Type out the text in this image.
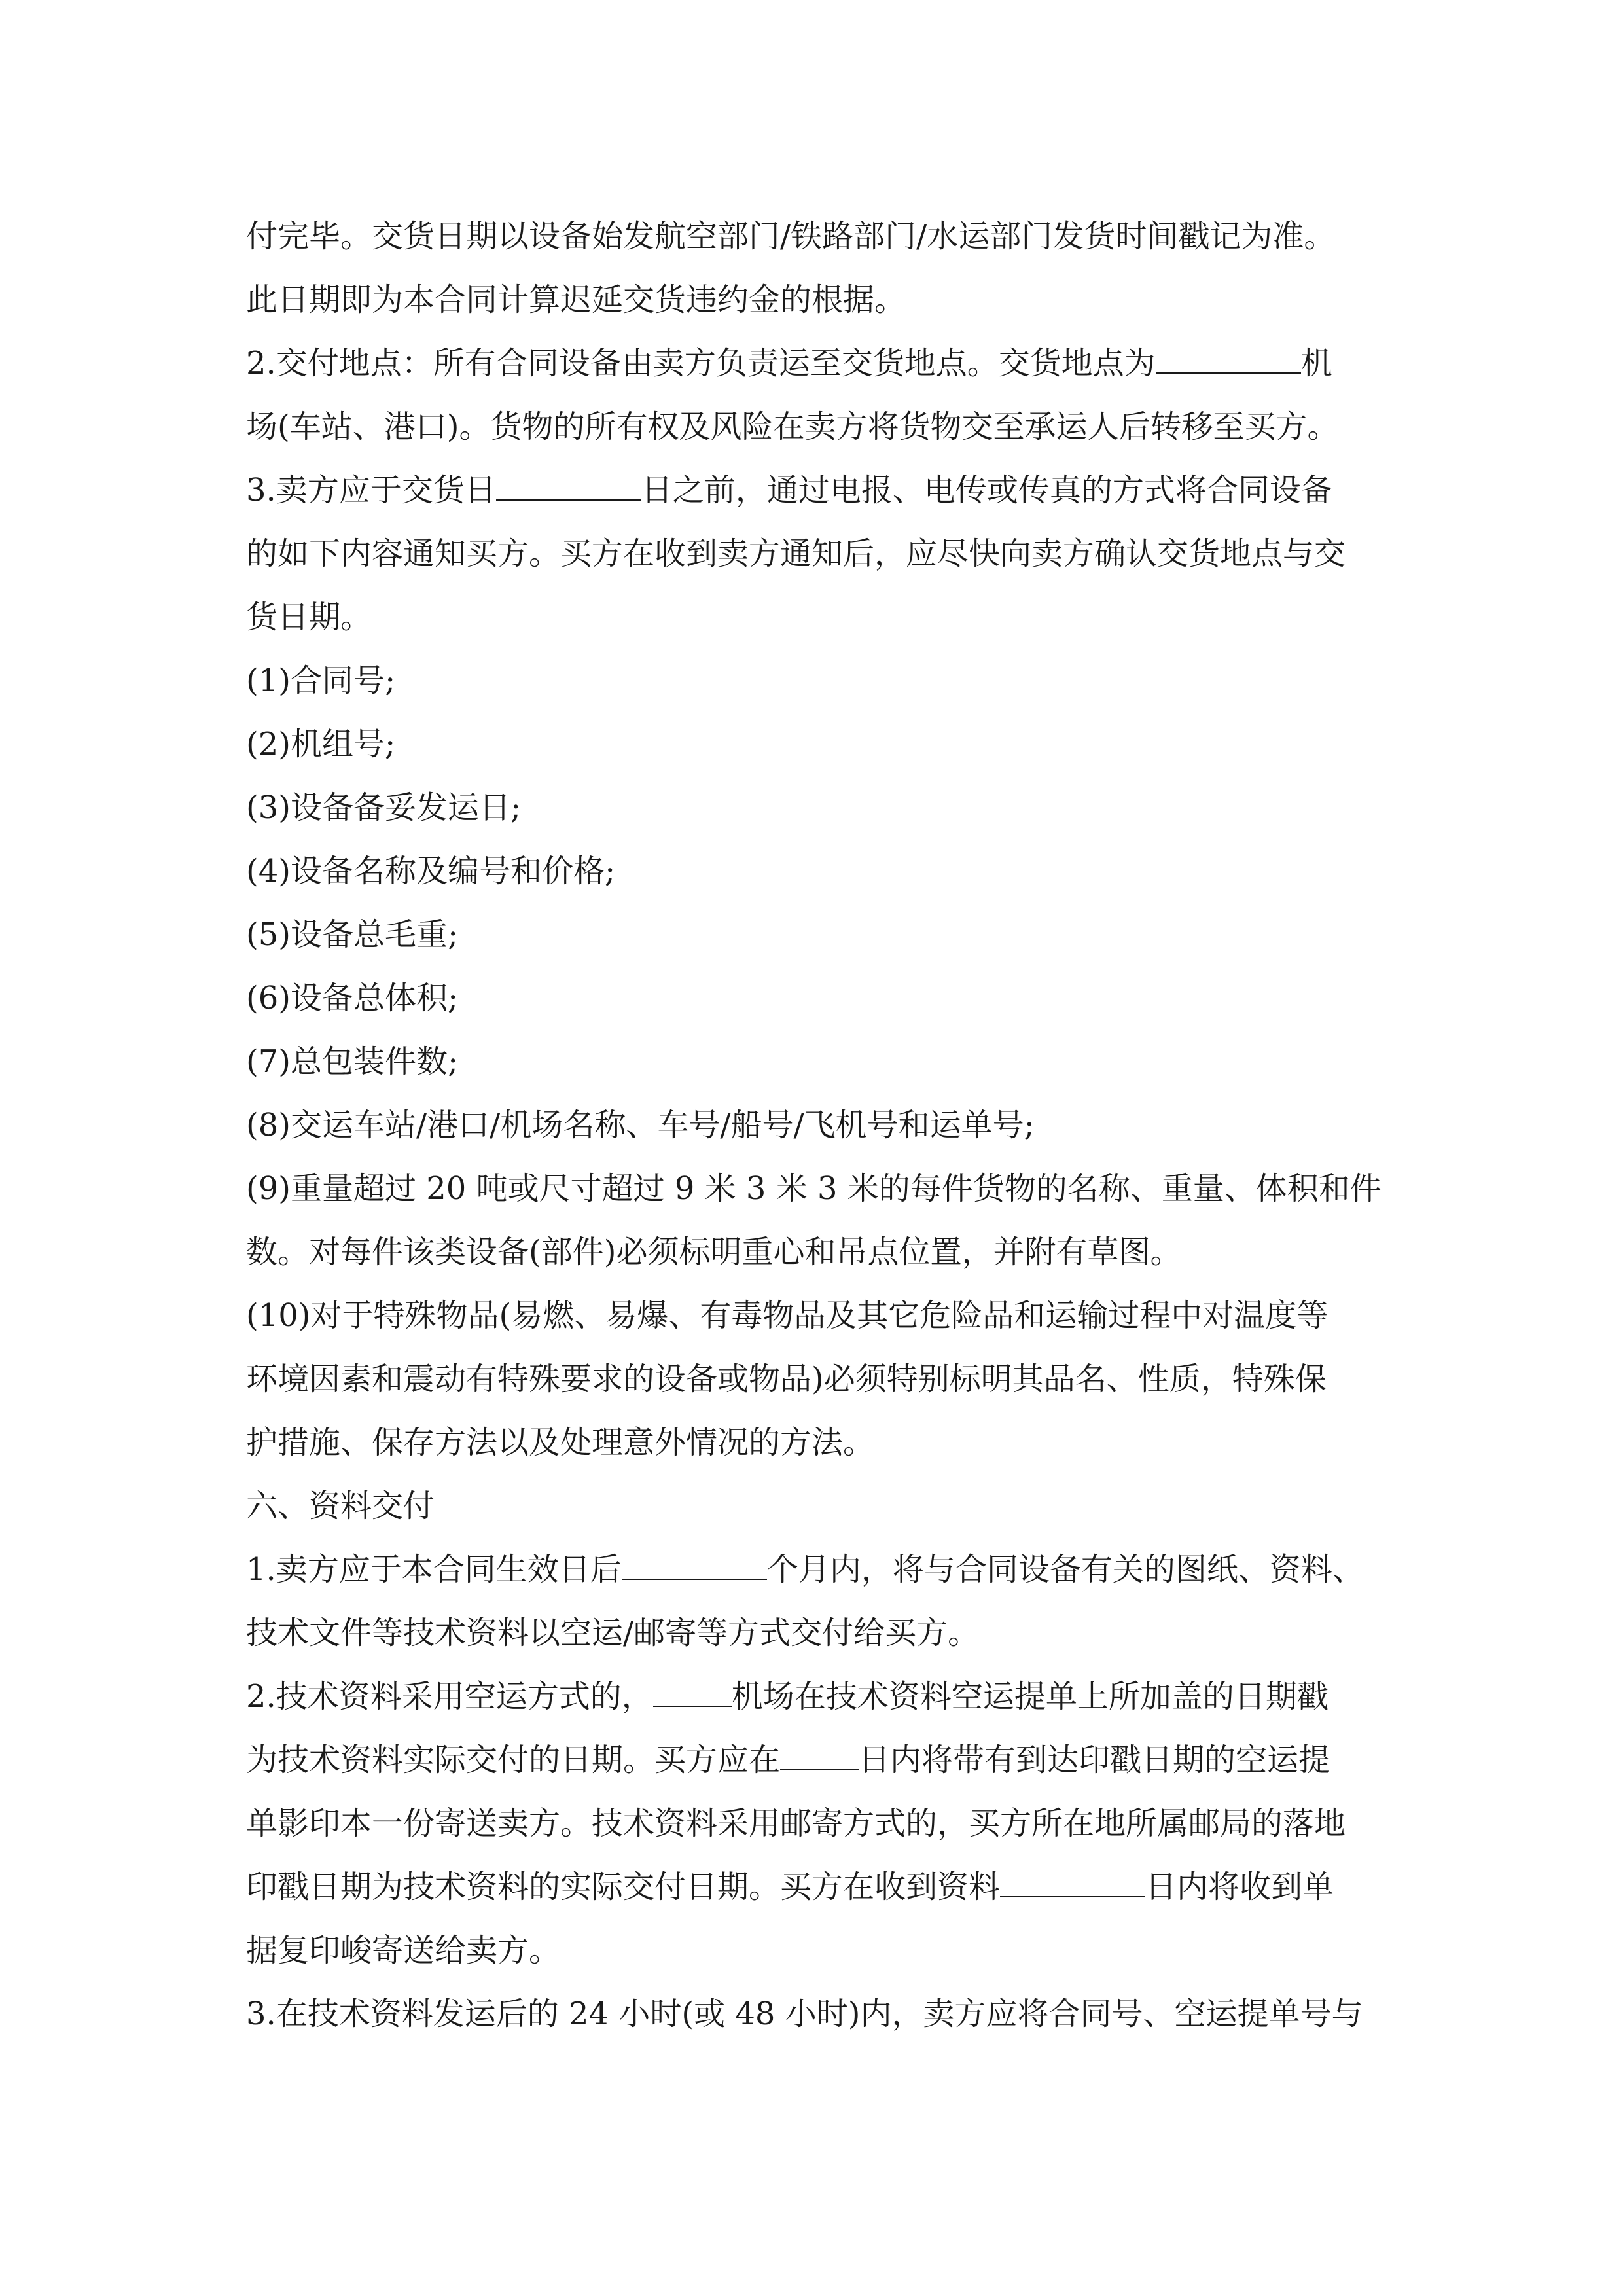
付完毕。交货日期以设备始发航空部门/铁路部门/水运部门发货时间戳记为准。
此日期即为本合同计算迟延交货违约金的根据。
2.交付地点：所有合同设备由卖方负责运至交货地点。交货地点为	机
场(车站、港口)。货物的所有权及风险在卖方将货物交至承运人后转移至买方。
3.卖方应于交货日	日之前，通过电报、电传或传真的方式将合同设备
的如下内容通知买方。买方在收到卖方通知后，应尽快向卖方确认交货地点与交
货日期。
(1)合同号;
(2)机组号;
(3)设备备妥发运日;
(4)设备名称及编号和价格;
(5)设备总毛重;
(6)设备总体积;
(7)总包装件数;
(8)交运车站/港口/机场名称、车号/船号/飞机号和运单号;
(9)重量超过 20 吨或尺寸超过 9 米 3 米 3 米的每件货物的名称、重量、体积和件
数。对每件该类设备(部件)必须标明重心和吊点位置，并附有草图。
(10)对于特殊物品(易燃、易爆、有毒物品及其它危险品和运输过程中对温度等
环境因素和震动有特殊要求的设备或物品)必须特别标明其品名、性质，特殊保
护措施、保存方法以及处理意外情况的方法。
六、资料交付
1.卖方应于本合同生效日后	个月内，将与合同设备有关的图纸、资料、
技术文件等技术资料以空运/邮寄等方式交付给买方。
2.技术资料采用空运方式的，	机场在技术资料空运提单上所加盖的日期戳
为技术资料实际交付的日期。买方应在	日内将带有到达印戳日期的空运提
单影印本一份寄送卖方。技术资料采用邮寄方式的，买方所在地所属邮局的落地
印戳日期为技术资料的实际交付日期。买方在收到资料	日内将收到单
据复印峻寄送给卖方。
3.在技术资料发运后的 24 小时(或 48 小时)内，卖方应将合同号、空运提单号与
